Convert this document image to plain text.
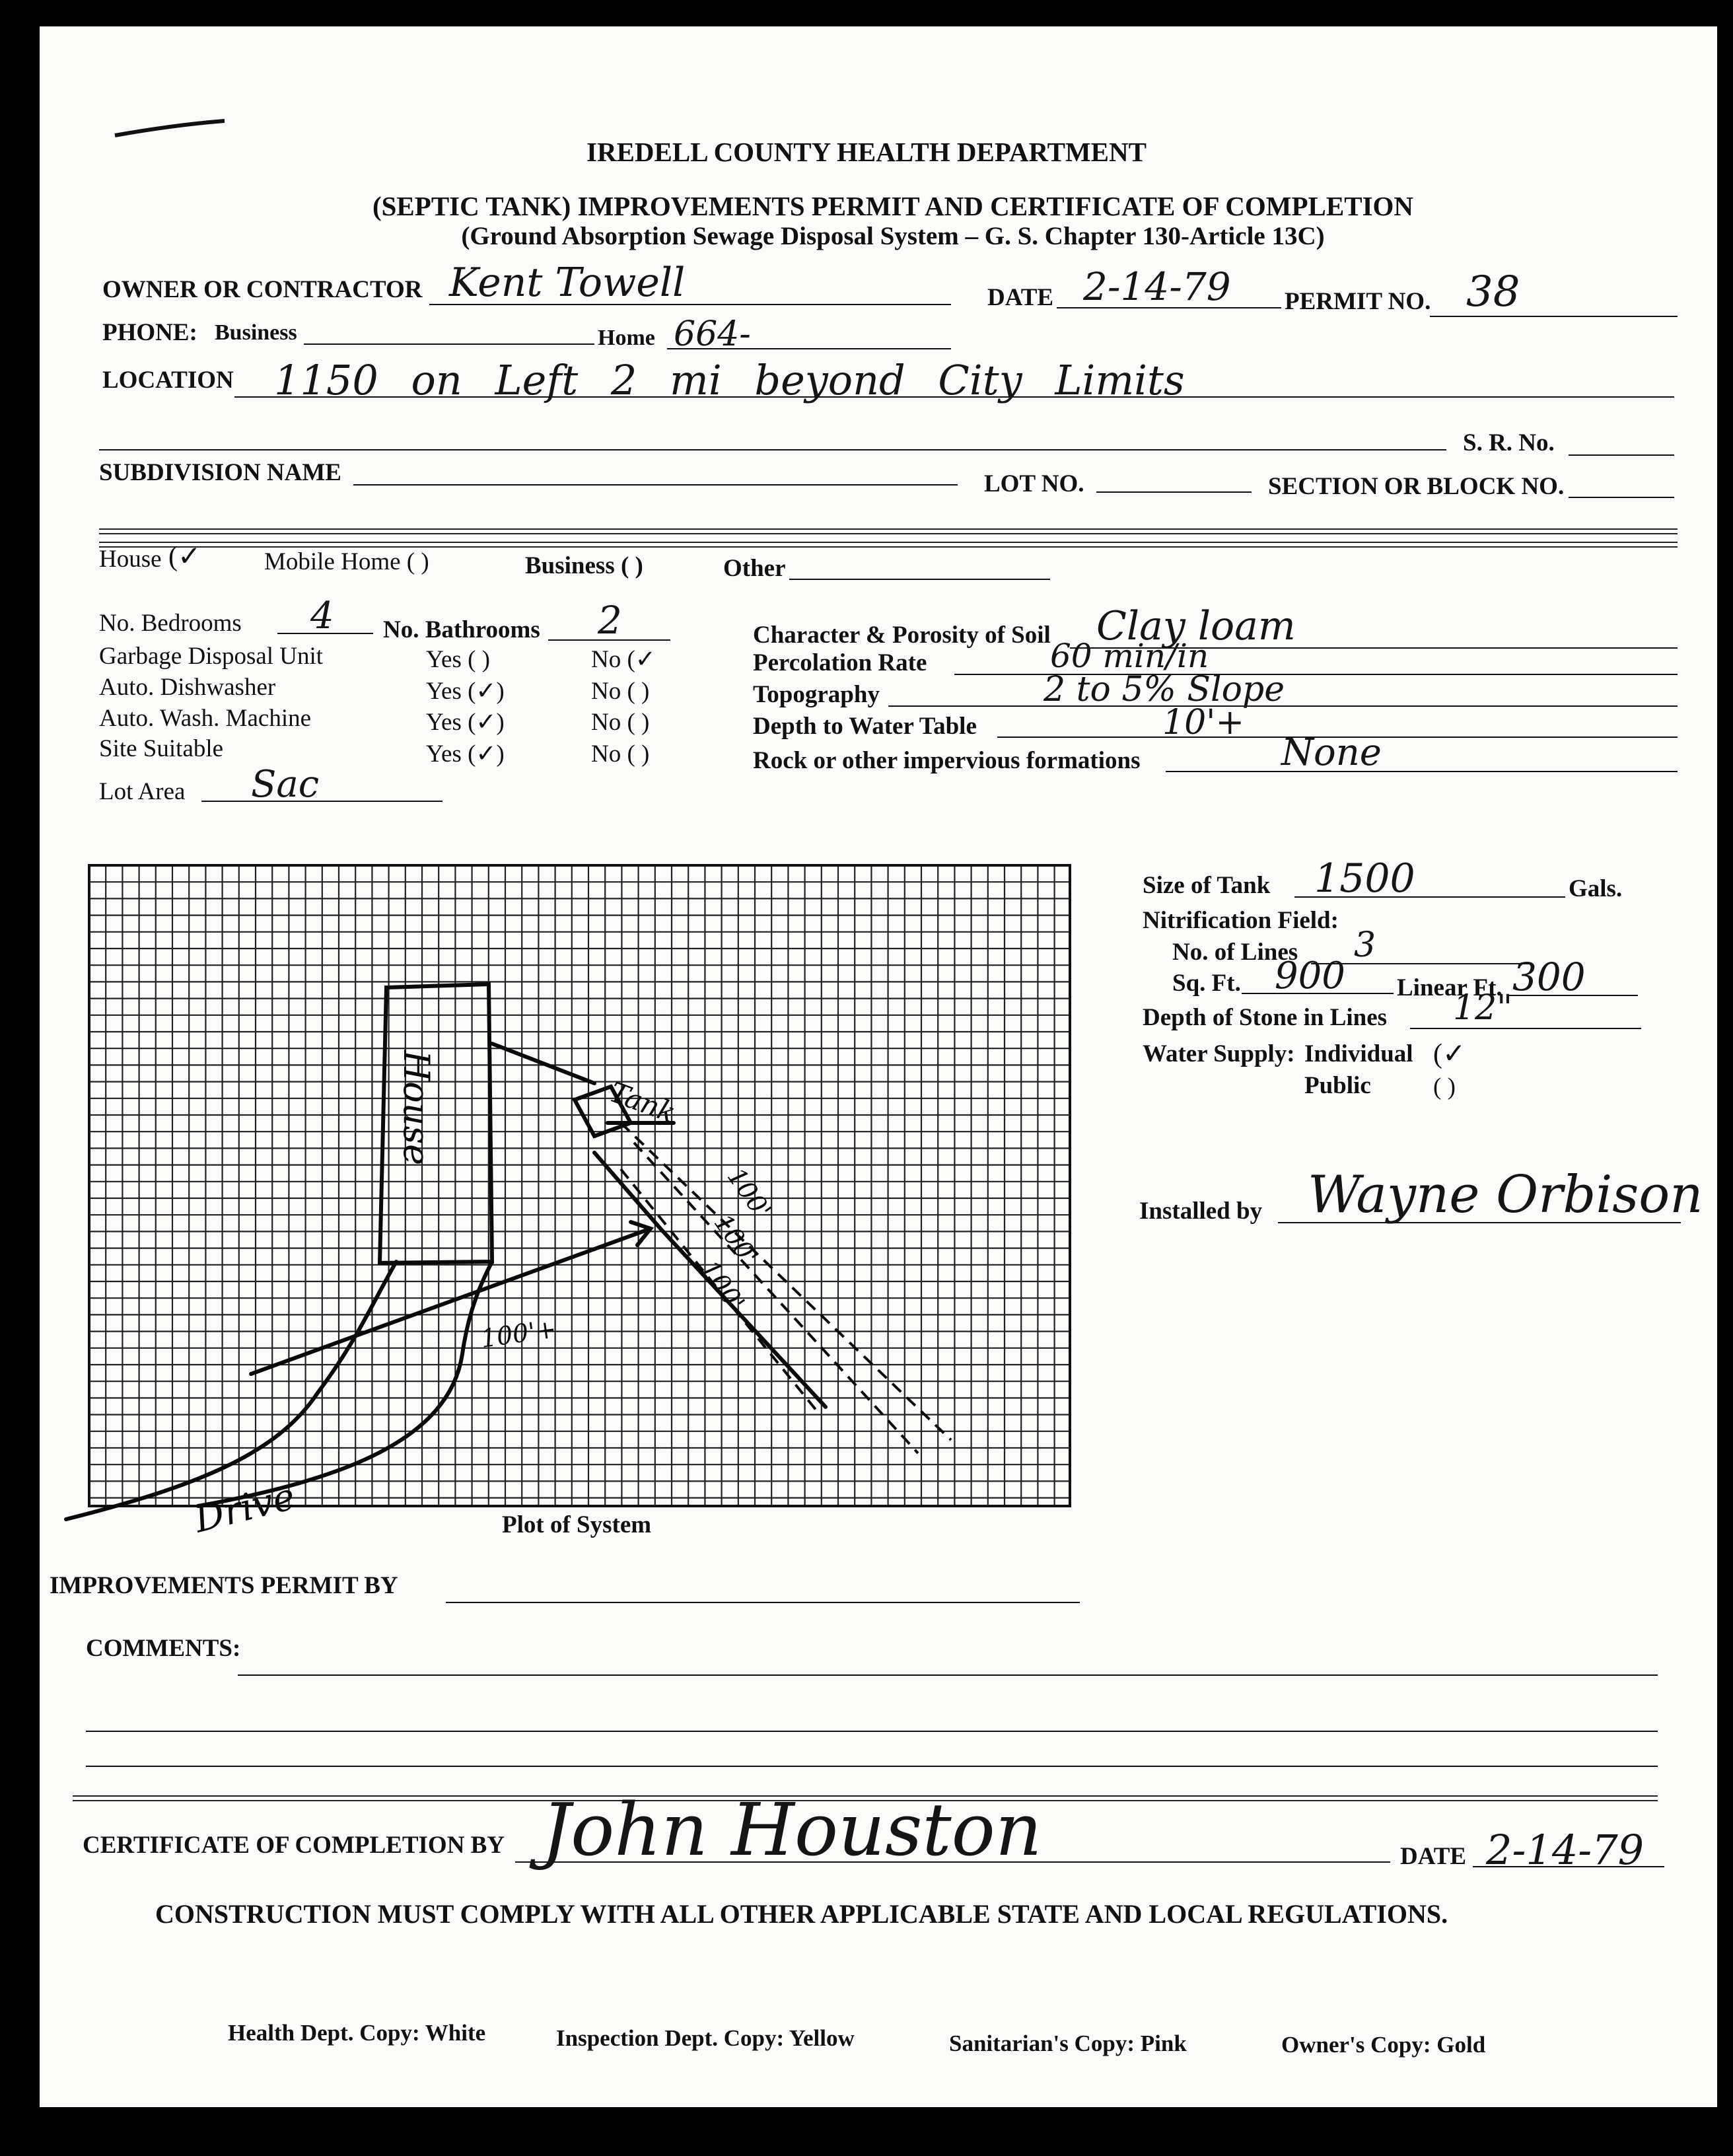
IREDELL COUNTY HEALTH DEPARTMENT
(SEPTIC TANK) IMPROVEMENTS PERMIT AND CERTIFICATE OF COMPLETION
(Ground Absorption Sewage Disposal System – G. S. Chapter 130-Article 13C)
OWNER OR CONTRACTOR Kent Towell	DATE 2-14-79 PERMIT NO. 38
PHONE: Business	Home 664-
LOCATION 1150 on Left 2 mi beyond City Limits
S. R. No.
SUBDIVISION NAME	LOT NO.	SECTION OR BLOCK NO.
House (✓	Mobile Home ( )	Business ( )	Other
No. Bedrooms 4 No. Bathrooms 2
Garbage Disposal Unit	Yes ( )	No (✓
Auto. Dishwasher	Yes (✓)	No ( )
Auto. Wash. Machine	Yes (✓)	No ( )
Site Suitable	Yes (✓)	No ( )
Lot Area Sac
Character & Porosity of Soil Clay loam
Percolation Rate	60 min/in
Topography	2 to 5% Slope
Depth to Water Table	10'+
Rock or other impervious formations	None
House	Tank
Drive
100'+
100'
100'
100'
Plot of System
Size of Tank 1500	Gals.
Nitrification Field:
No. of Lines 3
Sq. Ft. 900 Linear Ft. 300
Depth of Stone in Lines 12"
Water Supply: Individual (✓
Public	( )
Installed by Wayne Orbison
IMPROVEMENTS PERMIT BY
COMMENTS:
CERTIFICATE OF COMPLETION BY John Houston	DATE 2-14-79
CONSTRUCTION MUST COMPLY WITH ALL OTHER APPLICABLE STATE AND LOCAL REGULATIONS.
Health Dept. Copy: White	Inspection Dept. Copy: Yellow	Sanitarian's Copy: Pink	Owner's Copy: Gold
